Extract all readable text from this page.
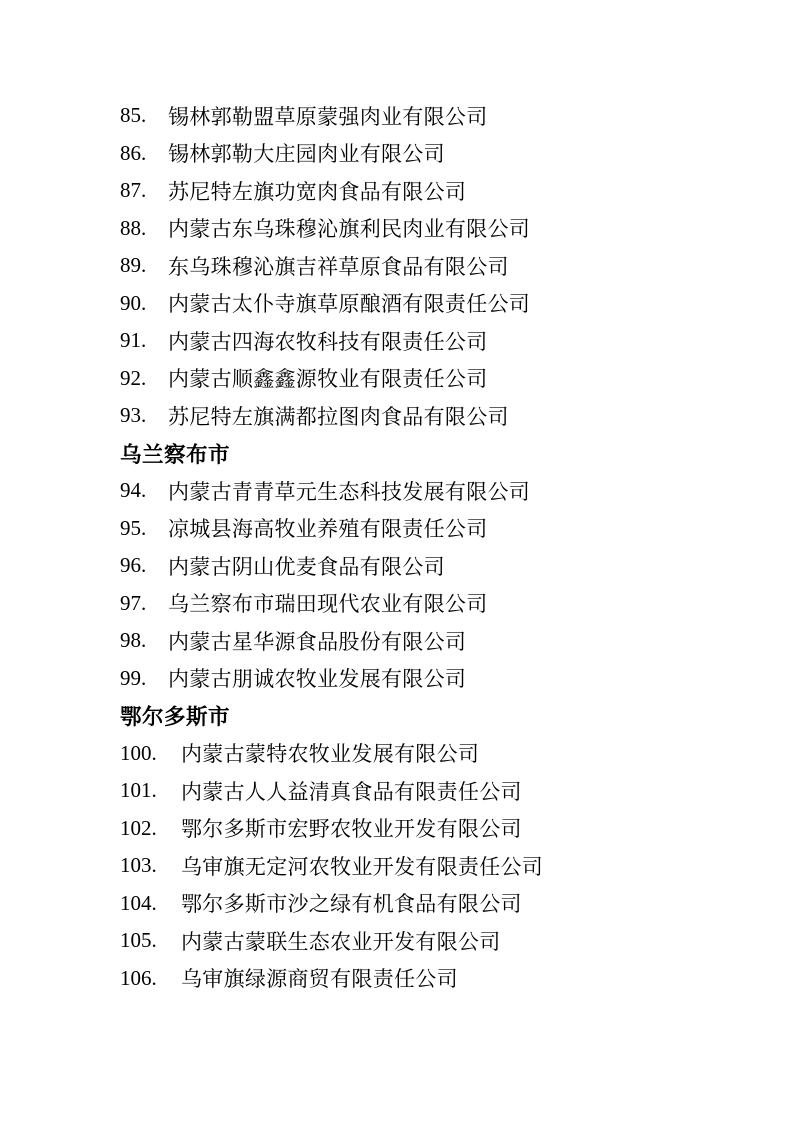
85.	锡林郭勒盟草原蒙强肉业有限公司
86.	锡林郭勒大庄园肉业有限公司
87.	苏尼特左旗功宽肉食品有限公司
88.	内蒙古东乌珠穆沁旗利民肉业有限公司
89.	东乌珠穆沁旗吉祥草原食品有限公司
90.	内蒙古太仆寺旗草原酿酒有限责任公司
91.	内蒙古四海农牧科技有限责任公司
92.	内蒙古顺鑫鑫源牧业有限责任公司
93.	苏尼特左旗满都拉图肉食品有限公司
乌兰察布市
94.	内蒙古青青草元生态科技发展有限公司
95.	凉城县海高牧业养殖有限责任公司
96.	内蒙古阴山优麦食品有限公司
97.	乌兰察布市瑞田现代农业有限公司
98.	内蒙古星华源食品股份有限公司
99.	内蒙古朋诚农牧业发展有限公司
鄂尔多斯市
100.	内蒙古蒙特农牧业发展有限公司
101.	内蒙古人人益清真食品有限责任公司
102.	鄂尔多斯市宏野农牧业开发有限公司
103.	乌审旗无定河农牧业开发有限责任公司
104.	鄂尔多斯市沙之绿有机食品有限公司
105.	内蒙古蒙联生态农业开发有限公司
106.	乌审旗绿源商贸有限责任公司
